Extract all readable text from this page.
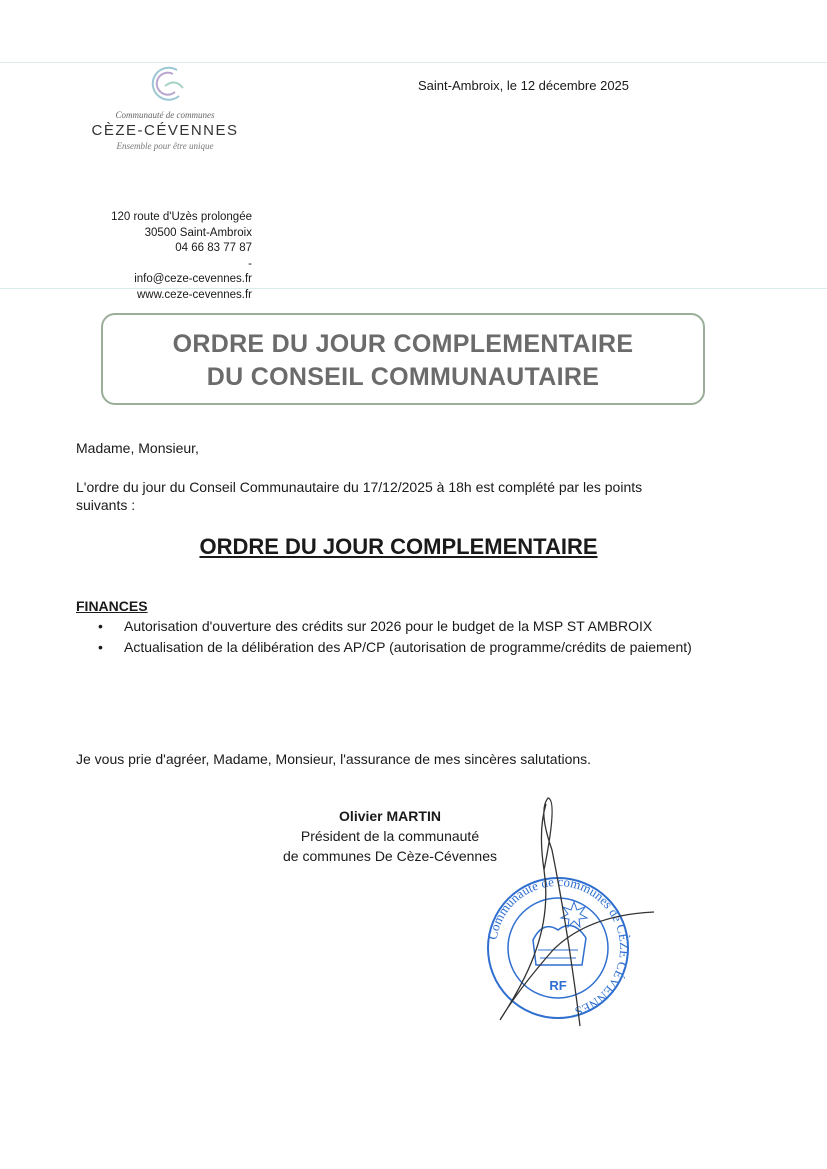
Communauté de communes
CÈZE-CÉVENNES
Ensemble pour être unique
Saint-Ambroix, le 12 décembre 2025
120 route d'Uzès prolongée
30500 Saint-Ambroix
04 66 83 77 87
-
info@ceze-cevennes.fr
www.ceze-cevennes.fr
ORDRE DU JOUR COMPLEMENTAIRE
DU CONSEIL COMMUNAUTAIRE
Madame, Monsieur,
L'ordre du jour du Conseil Communautaire du 17/12/2025 à 18h est complété par les points suivants :
ORDRE DU JOUR COMPLEMENTAIRE
FINANCES
• Autorisation d'ouverture des crédits sur 2026 pour le budget de la MSP ST AMBROIX
• Actualisation de la délibération des AP/CP (autorisation de programme/crédits de paiement)
Je vous prie d'agréer, Madame, Monsieur, l'assurance de mes sincères salutations.
Olivier MARTIN
Président de la communauté
de communes De Cèze-Cévennes
Communauté de communes de CÈZE CÉVENNES
RF
